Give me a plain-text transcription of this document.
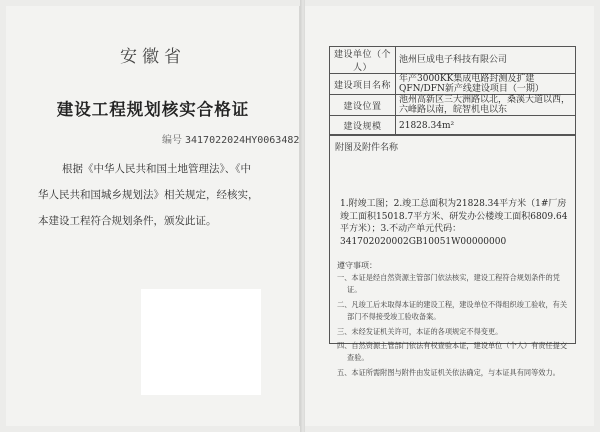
安徽省
建设工程规划核实合格证
编号 3417022024HY0063482
根据《中华人民共和国土地管理法》、《中
华人民共和国城乡规划法》相关规定，经核实，
本建设工程符合规划条件，颁发此证。
建设单位（个人）	池州巨成电子科技有限公司
建设项目名称	年产3000KK集成电路封测及扩建QFN/DFN新产线建设项目（一期）
建设位置	池州高新区三大洲路以北，桑溪大道以西，六峰路以南，皖智机电以东
建设规模	21828.34m²
附图及附件名称
1.附竣工图；2.竣工总面积为21828.34平方米（1#厂房竣工面积15018.7平方米、研发办公楼竣工面积6809.64平方米）；3.不动产单元代码：341702020002GB10051W00000000
遵守事项：
一、本证是经自然资源主管部门依法核实，建设工程符合规划条件的凭证。
二、凡竣工后未取得本证的建设工程，建设单位不得组织竣工验收，有关部门不得接受竣工验收备案。
三、未经发证机关许可，本证的各项规定不得变更。
四、自然资源主管部门依法有权查验本证，建设单位（个人）有责任提交查验。
五、本证所需附图与附件由发证机关依法确定，与本证具有同等效力。
